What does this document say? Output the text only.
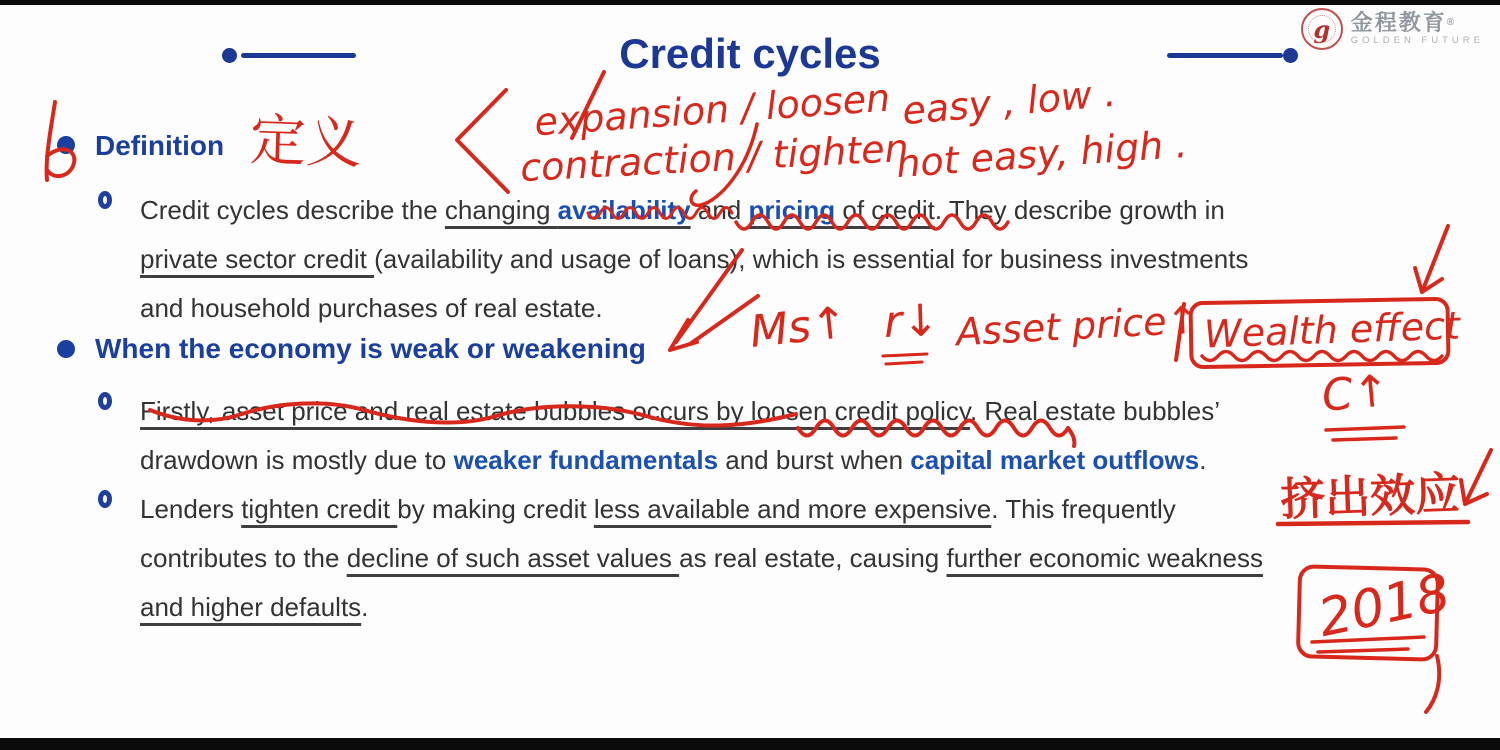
Credit cycles
g 金程教育®
GOLDEN FUTURE
Definition
Credit cycles describe the changing availability and pricing of credit. They describe growth in
private sector credit (availability and usage of loans), which is essential for business investments
and household purchases of real estate.
When the economy is weak or weakening
Firstly, asset price and real estate bubbles occurs by loosen credit policy. Real estate bubbles’
drawdown is mostly due to weaker fundamentals and burst when capital market outflows.
Lenders tighten credit by making credit less available and more expensive. This frequently
contributes to the decline of such asset values as real estate, causing further economic weakness
and higher defaults.
expansion / loosen easy , low .
contraction / tighten
not easy, high .
定义
Ms↑ r↓ Asset price↑ Wealth effect
C↑
挤出效应
2018
